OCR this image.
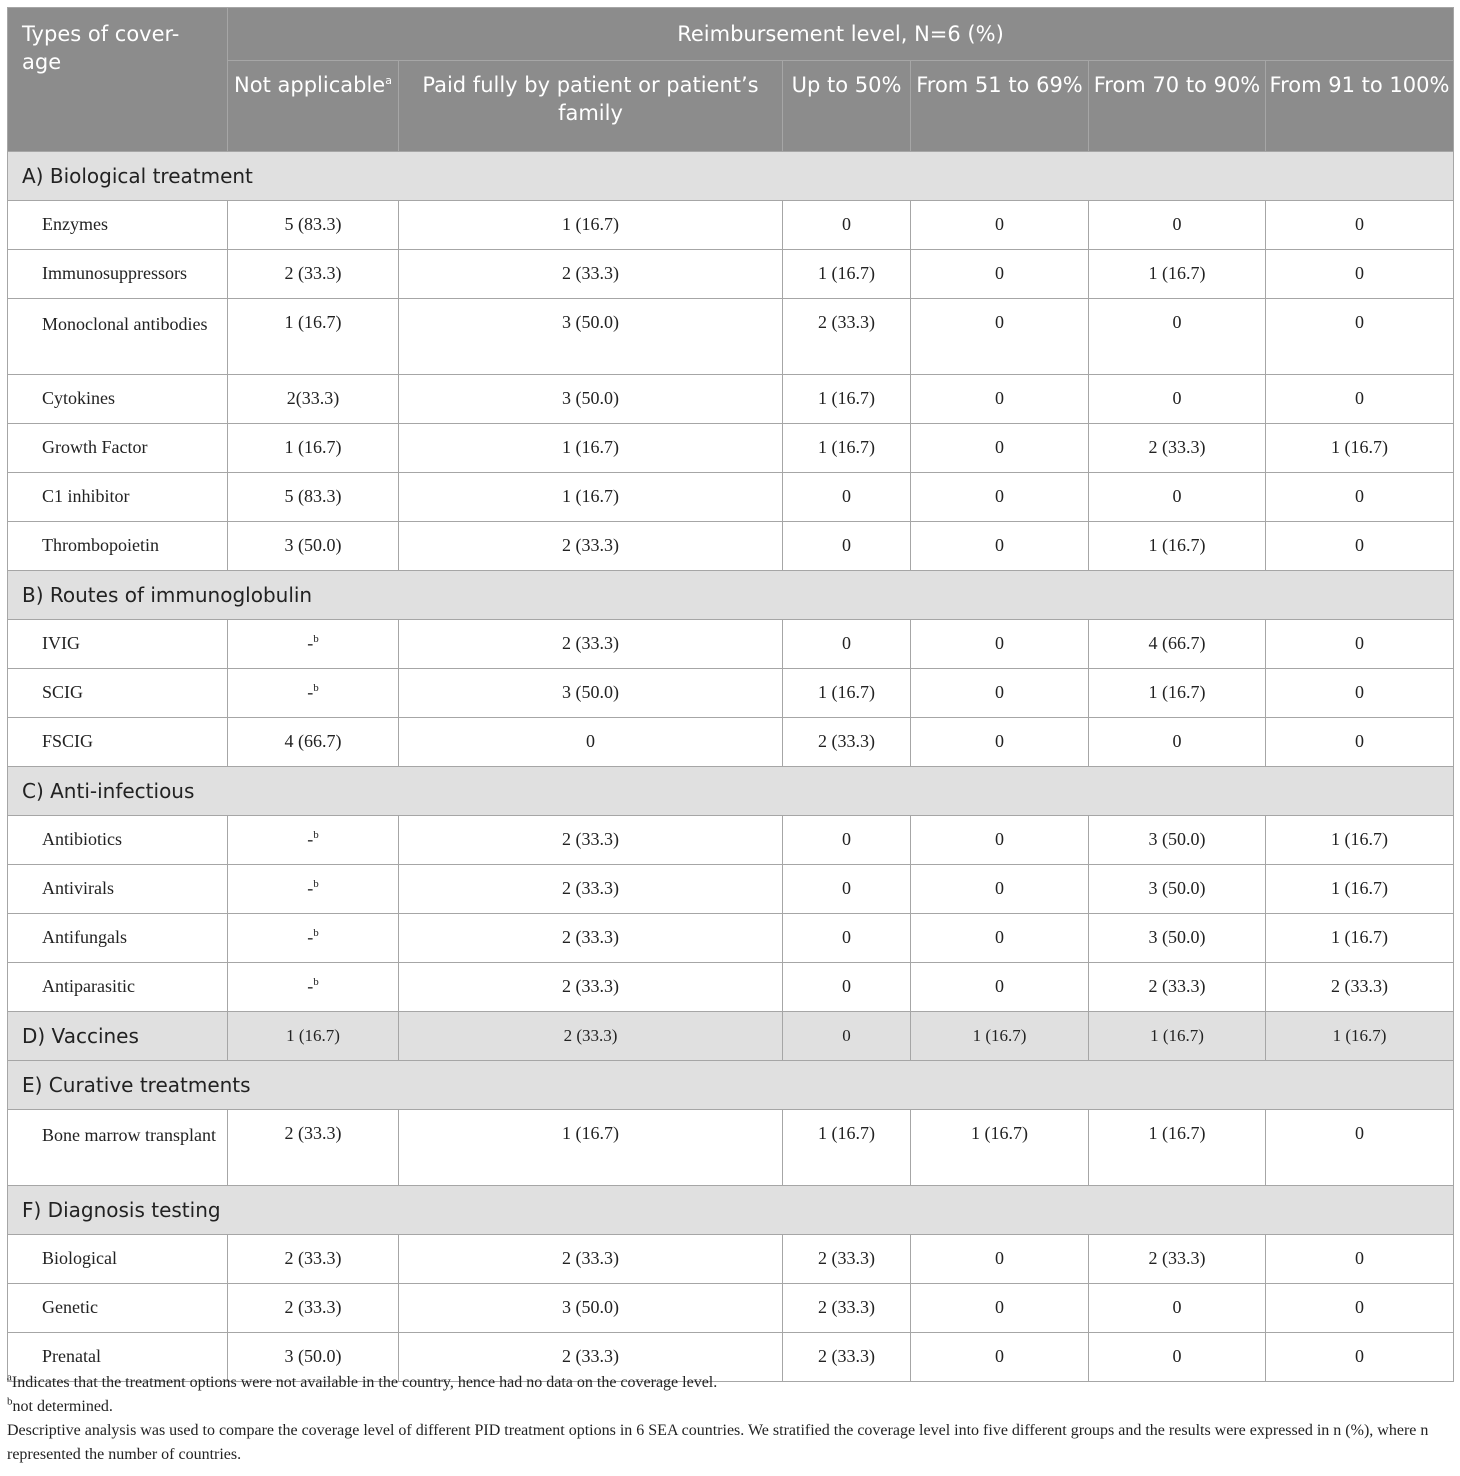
Types of cover-age	Reimbursement level, N=6 (%)					
	Not applicable$^a$	Paid fully by patient or patient’s family	Up to 50%	From 51 to 69%	From 70 to 90%	From 91 to 100%
A) Biological treatment						
Enzymes	5 (83.3)	1 (16.7)	0	0	0	0
Immunosuppressors	2 (33.3)	2 (33.3)	1 (16.7)	0	1 (16.7)	0
Monoclonal antibodies	1 (16.7)	3 (50.0)	2 (33.3)	0	0	0
Cytokines	2(33.3)	3 (50.0)	1 (16.7)	0	0	0
Growth Factor	1 (16.7)	1 (16.7)	1 (16.7)	0	2 (33.3)	1 (16.7)
C1 inhibitor	5 (83.3)	1 (16.7)	0	0	0	0
Thrombopoietin	3 (50.0)	2 (33.3)	0	0	1 (16.7)	0
B) Routes of immunoglobulin						
IVIG	-$^b$	2 (33.3)	0	0	4 (66.7)	0
SCIG	-$^b$	3 (50.0)	1 (16.7)	0	1 (16.7)	0
FSCIG	4 (66.7)	0	2 (33.3)	0	0	0
C) Anti-infectious						
Antibiotics	-$^b$	2 (33.3)	0	0	3 (50.0)	1 (16.7)
Antivirals	-$^b$	2 (33.3)	0	0	3 (50.0)	1 (16.7)
Antifungals	-$^b$	2 (33.3)	0	0	3 (50.0)	1 (16.7)
Antiparasitic	-$^b$	2 (33.3)	0	0	2 (33.3)	2 (33.3)
D) Vaccines	1 (16.7)	2 (33.3)	0	1 (16.7)	1 (16.7)	1 (16.7)
E) Curative treatments						
Bone marrow transplant	2 (33.3)	1 (16.7)	1 (16.7)	1 (16.7)	1 (16.7)	0
F) Diagnosis testing						
Biological	2 (33.3)	2 (33.3)	2 (33.3)	0	2 (33.3)	0
Genetic	2 (33.3)	3 (50.0)	2 (33.3)	0	0	0
Prenatal	3 (50.0)	2 (33.3)	2 (33.3)	0	0	0

$^a$Indicates that the treatment options were not available in the country, hence had no data on the coverage level.

$^b$not determined.

Descriptive analysis was used to compare the coverage level of different PID treatment options in 6 SEA countries. We stratified the coverage level into five different groups and the results were expressed in n (%), where n represented the number of countries.
